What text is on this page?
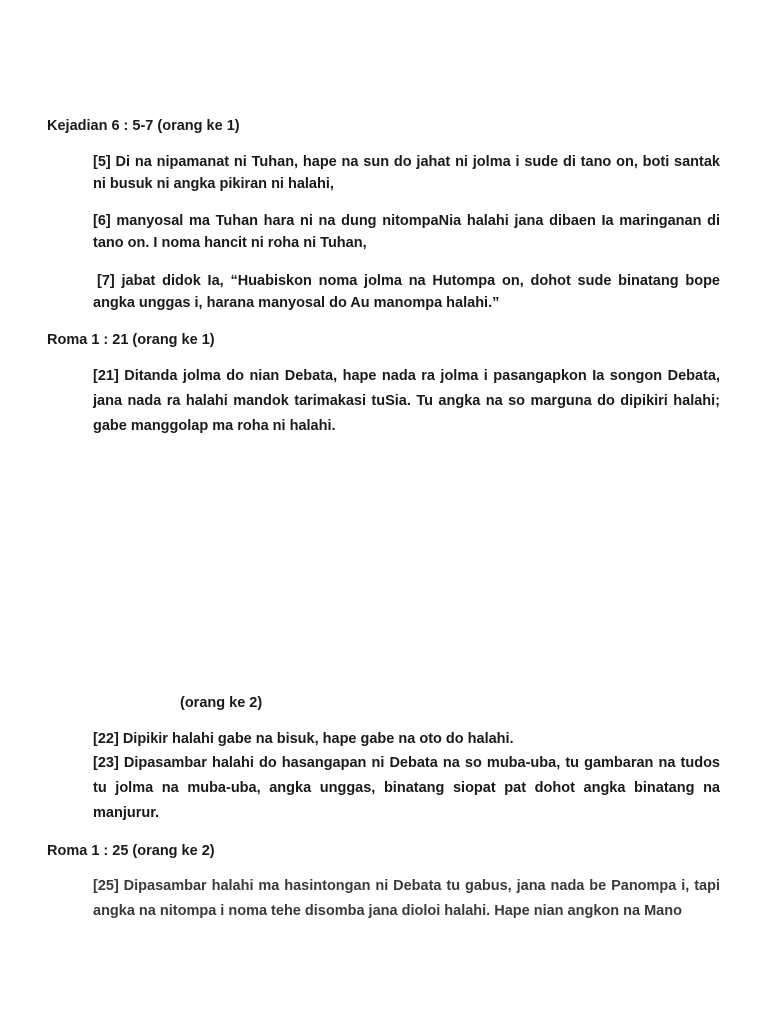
Kejadian 6 : 5-7 (orang ke 1)

[5] Di na nipamanat ni Tuhan, hape na sun do jahat ni jolma i sude di tano on, boti santak ni busuk ni angka pikiran ni halahi,

[6] manyosal ma Tuhan hara ni na dung nitompaNia halahi jana dibaen Ia maringanan di tano on. I noma hancit ni roha ni Tuhan,

[7] jabat didok Ia, “Huabiskon noma jolma na Hutompa on, dohot sude binatang bope angka unggas i, harana manyosal do Au manompa halahi.”

Roma 1 : 21 (orang ke 1)

[21] Ditanda jolma do nian Debata, hape nada ra jolma i pasangapkon Ia songon Debata, jana nada ra halahi mandok tarimakasi tuSia. Tu angka na so marguna do dipikiri halahi; gabe manggolap ma roha ni halahi.

(orang ke 2)

[22] Dipikir halahi gabe na bisuk, hape gabe na oto do halahi.

[23] Dipasambar halahi do hasangapan ni Debata na so muba-uba, tu gambaran na tudos tu jolma na muba-uba, angka unggas, binatang siopat pat dohot angka binatang na manjurur.

Roma 1 : 25 (orang ke 2)

[25] Dipasambar halahi ma hasintongan ni Debata tu gabus, jana nada be Panompa i, tapi angka na nitompa i noma tehe disomba jana dioloi halahi. Hape nian angkon na Mano
